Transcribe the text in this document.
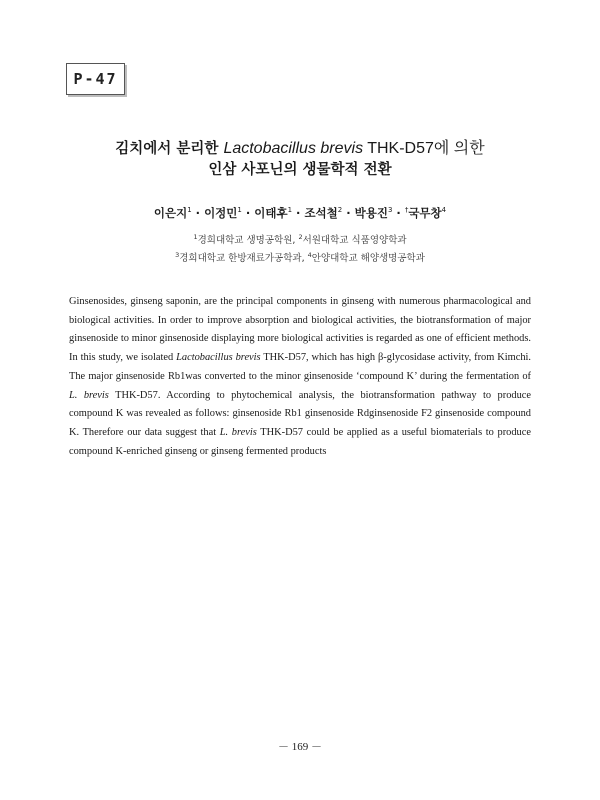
P-47
김치에서 분리한 Lactobacillus brevis THK-D57에 의한
인삼 사포닌의 생물학적 전환
이은지$^1$ · 이정민$^1$ · 이태후$^1$ · 조석철$^2$ · 박용진$^3$ · †국무창$^4$
$^1$경희대학교 생명공학원, $^2$서원대학교 식품영양학과
$^3$경희대학교 한방재료가공학과, $^4$안양대학교 해양생명공학과
Ginsenosides, ginseng saponin, are the principal components in ginseng with numerous pharmacological and biological activities. In order to improve absorption and biological activities, the biotransformation of major ginsenoside to minor ginsenoside displaying more biological activities is regarded as one of efficient methods. In this study, we isolated Lactobacillus brevis THK-D57, which has high β-glycosidase activity, from Kimchi. The major ginsenoside Rb1was converted to the minor ginsenoside ‘compound K’ during the fermentation of L. brevis THK-D57. According to phytochemical analysis, the biotransformation pathway to produce compound K was revealed as follows: ginsenoside Rb1 ginsenoside Rdginsenoside F2 ginsenoside compound K. Therefore our data suggest that L. brevis THK-D57 could be applied as a useful biomaterials to produce compound K-enriched ginseng or ginseng fermented products
－ 169 －
